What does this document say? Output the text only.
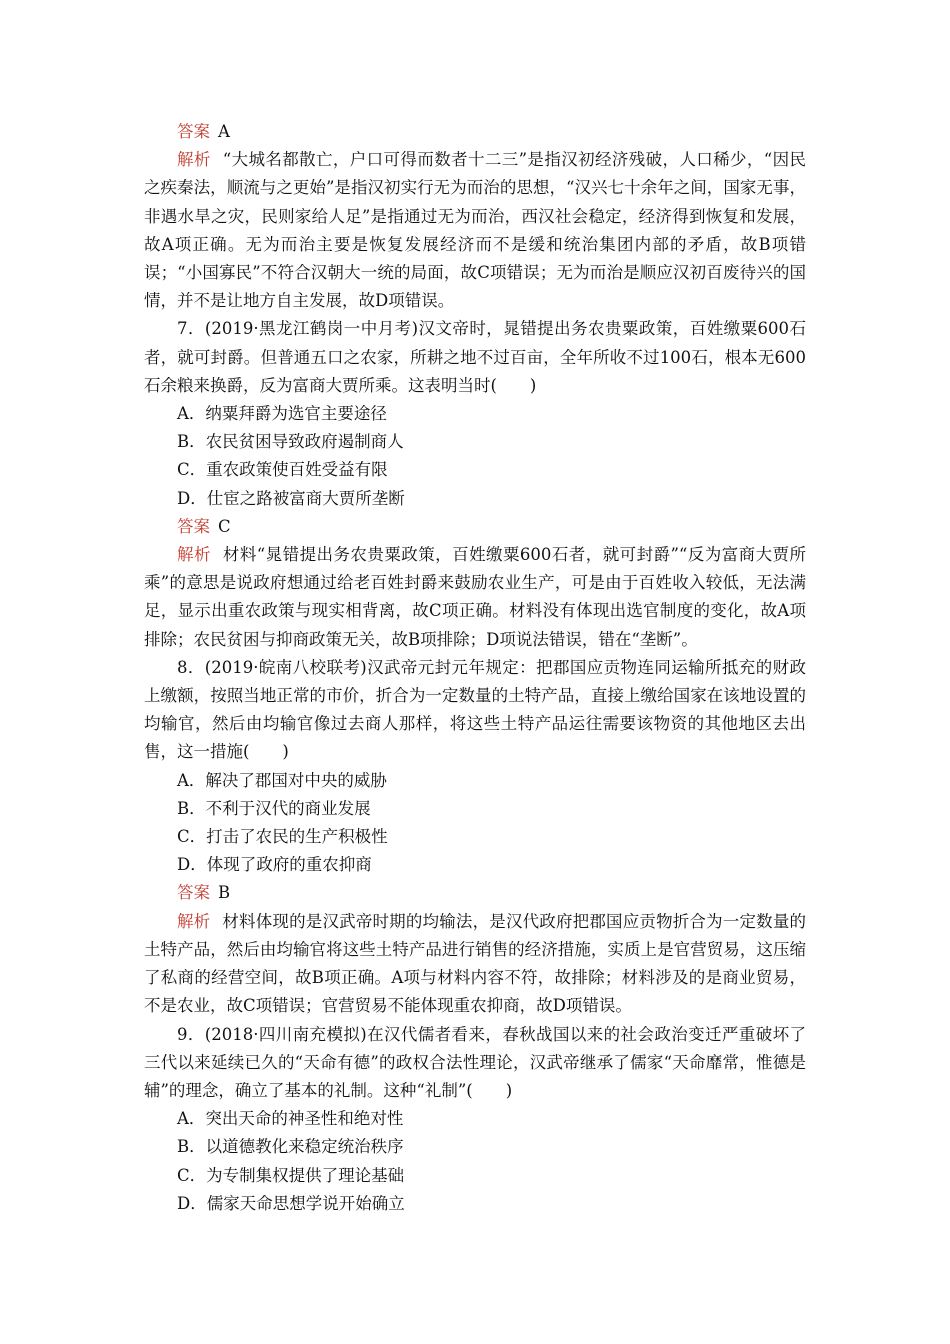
答案 A

解析 “大城名都散亡，户口可得而数者十二三”是指汉初经济残破，人口稀少，“因民之疾秦法，顺流与之更始”是指汉初实行无为而治的思想，“汉兴七十余年之间，国家无事，非遇水旱之灾，民则家给人足”是指通过无为而治，西汉社会稳定，经济得到恢复和发展，故A项正确。无为而治主要是恢复发展经济而不是缓和统治集团内部的矛盾，故B项错误；“小国寡民”不符合汉朝大一统的局面，故C项错误；无为而治是顺应汉初百废待兴的国情，并不是让地方自主发展，故D项错误。

7．(2019·黑龙江鹤岗一中月考)汉文帝时，晁错提出务农贵粟政策，百姓缴粟600石者，就可封爵。但普通五口之农家，所耕之地不过百亩，全年所收不过100石，根本无600石余粮来换爵，反为富商大贾所乘。这表明当时(　　)

A．纳粟拜爵为选官主要途径

B．农民贫困导致政府遏制商人

C．重农政策使百姓受益有限

D．仕宦之路被富商大贾所垄断

答案 C

解析 材料“晁错提出务农贵粟政策，百姓缴粟600石者，就可封爵”“反为富商大贾所乘”的意思是说政府想通过给老百姓封爵来鼓励农业生产，可是由于百姓收入较低，无法满足，显示出重农政策与现实相背离，故C项正确。材料没有体现出选官制度的变化，故A项排除；农民贫困与抑商政策无关，故B项排除；D项说法错误，错在“垄断”。

8．(2019·皖南八校联考)汉武帝元封元年规定：把郡国应贡物连同运输所抵充的财政上缴额，按照当地正常的市价，折合为一定数量的土特产品，直接上缴给国家在该地设置的均输官，然后由均输官像过去商人那样，将这些土特产品运往需要该物资的其他地区去出售，这一措施(　　)

A．解决了郡国对中央的威胁

B．不利于汉代的商业发展

C．打击了农民的生产积极性

D．体现了政府的重农抑商

答案 B

解析 材料体现的是汉武帝时期的均输法，是汉代政府把郡国应贡物折合为一定数量的土特产品，然后由均输官将这些土特产品进行销售的经济措施，实质上是官营贸易，这压缩了私商的经营空间，故B项正确。A项与材料内容不符，故排除；材料涉及的是商业贸易，不是农业，故C项错误；官营贸易不能体现重农抑商，故D项错误。

9．(2018·四川南充模拟)在汉代儒者看来，春秋战国以来的社会政治变迁严重破坏了三代以来延续已久的“天命有德”的政权合法性理论，汉武帝继承了儒家“天命靡常，惟德是辅”的理念，确立了基本的礼制。这种“礼制”(　　)

A．突出天命的神圣性和绝对性

B．以道德教化来稳定统治秩序

C．为专制集权提供了理论基础

D．儒家天命思想学说开始确立
